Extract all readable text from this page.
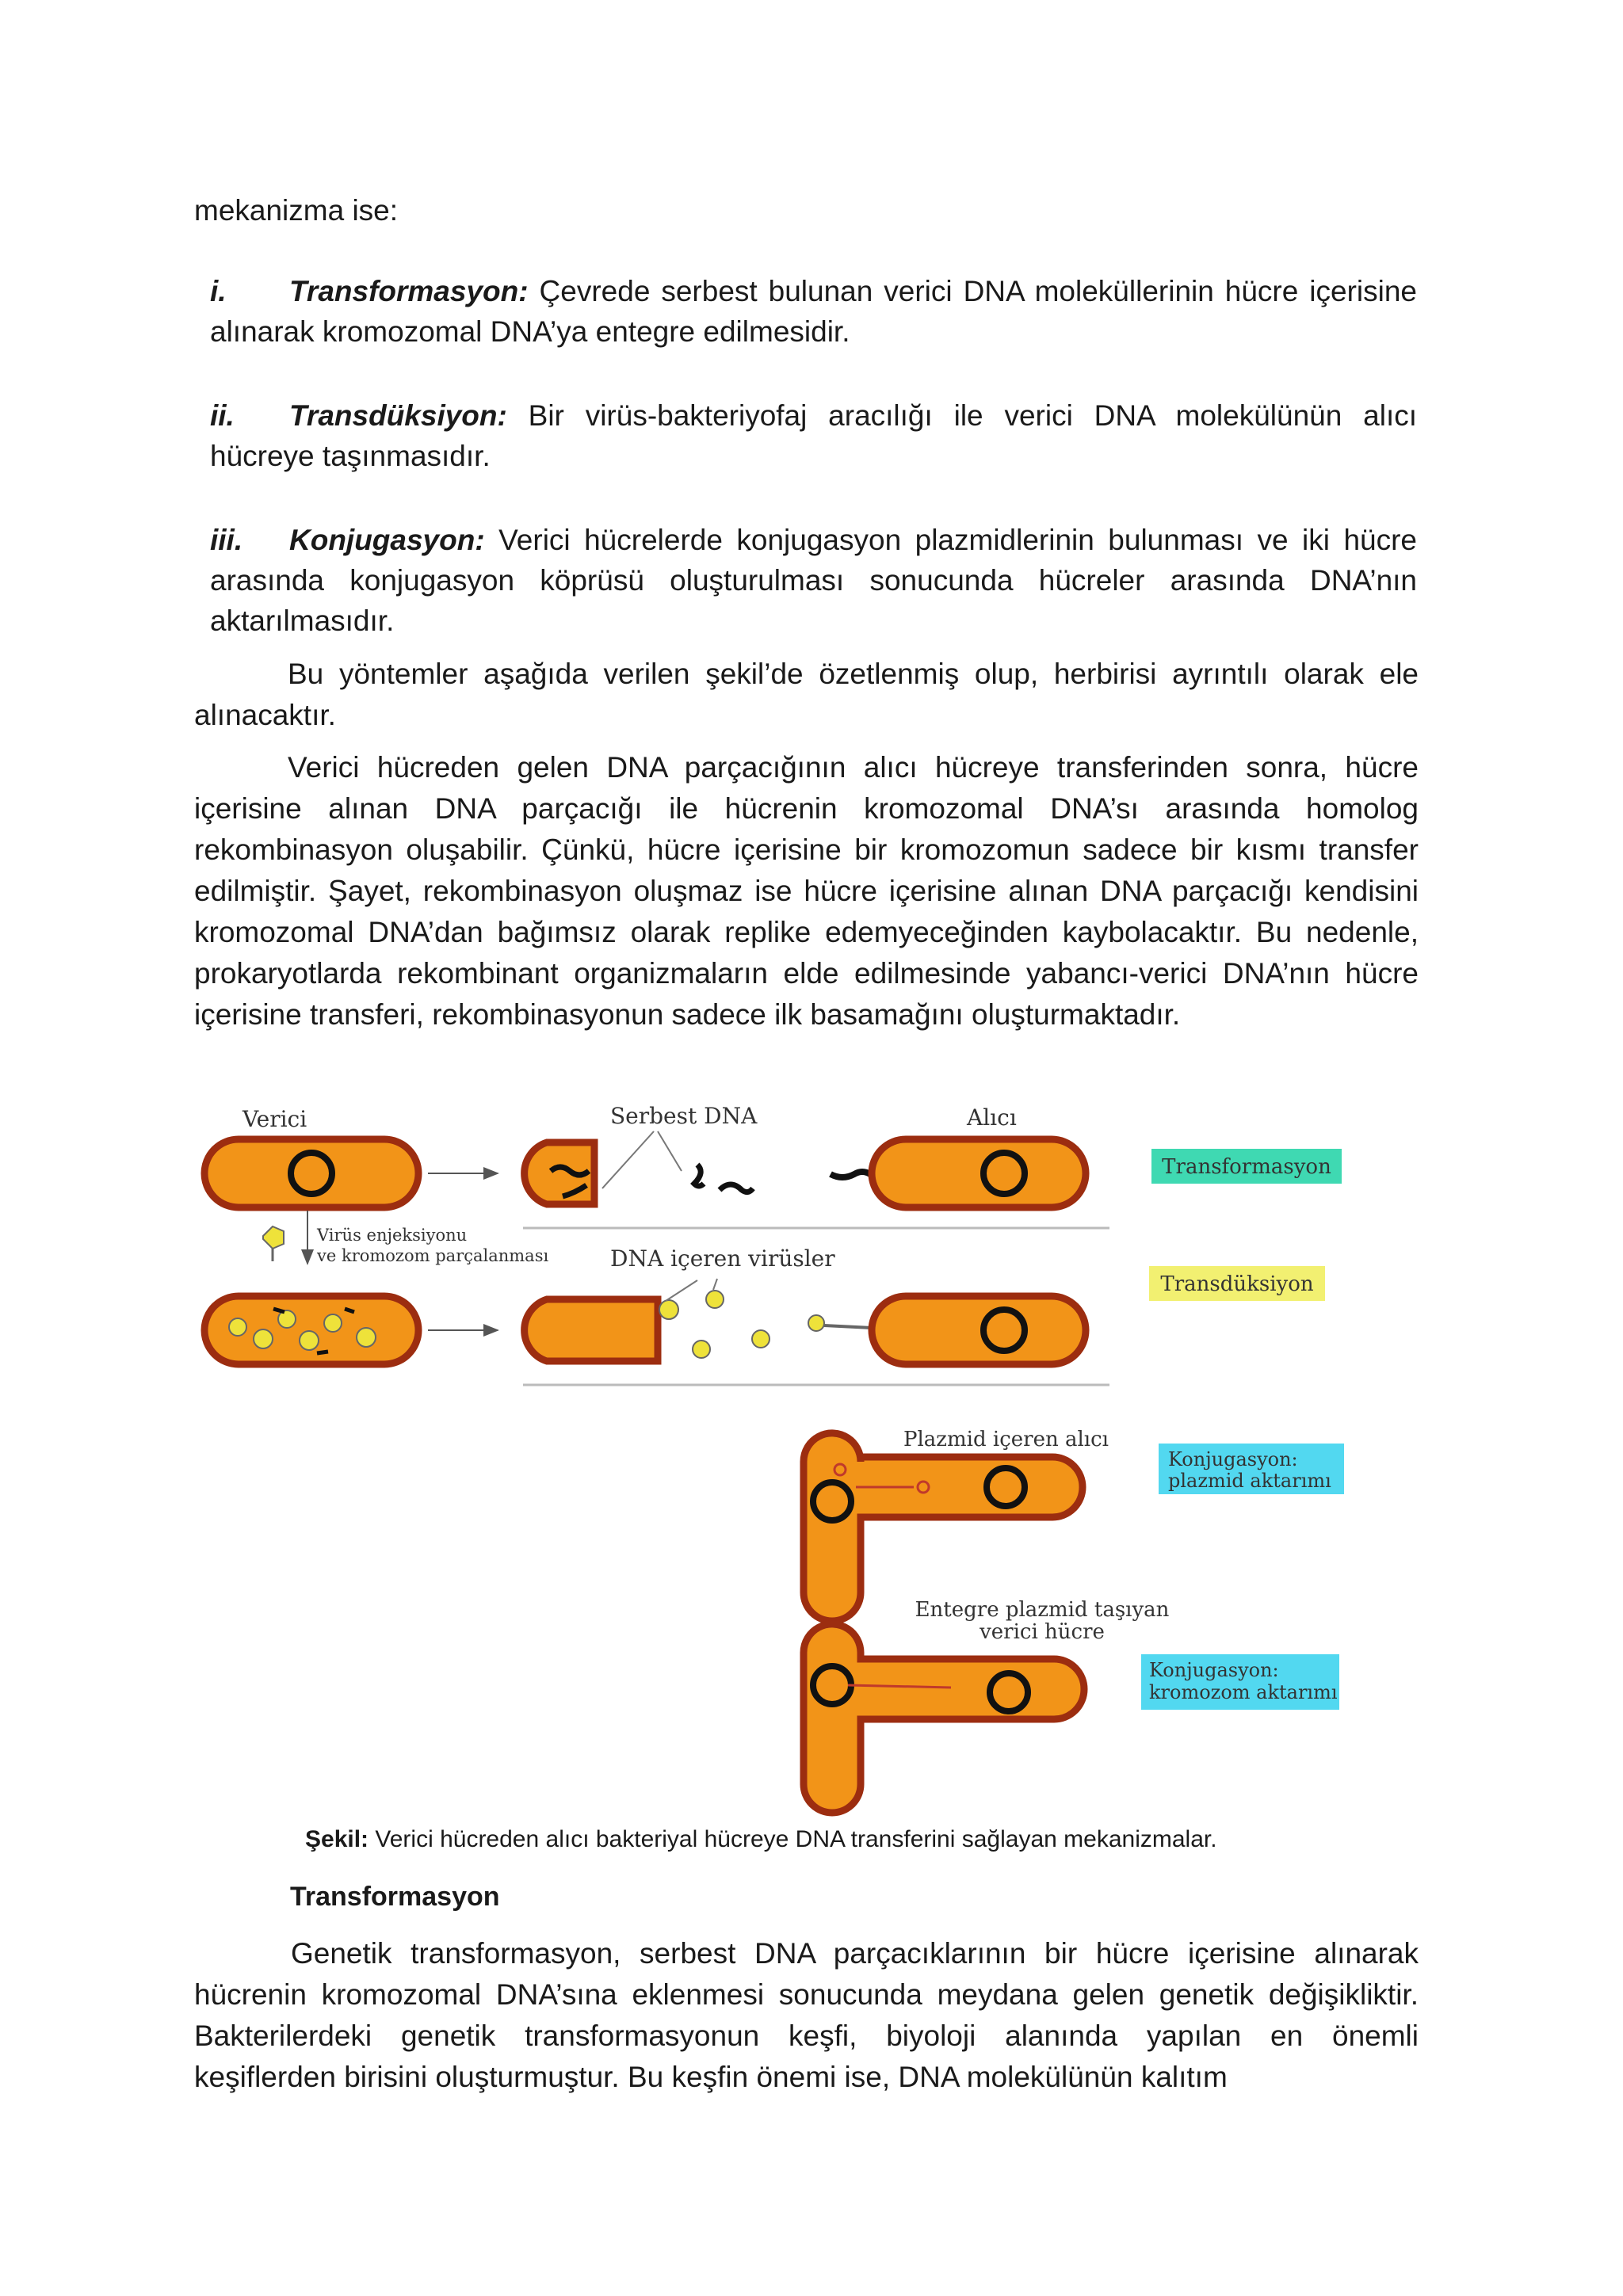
mekanizma ise:
Transformasyon: Çevrede serbest bulunan verici DNA moleküllerinin hücre içerisine
i.
alınarak kromozomal DNA’ya entegre edilmesidir.
Transdüksiyon: Bir virüs-bakteriyofaj aracılığı ile verici DNA molekülünün alıcı
ii.
hücreye taşınmasıdır.
Konjugasyon: Verici hücrelerde konjugasyon plazmidlerinin bulunması ve iki hücre
iii.
arasında konjugasyon köprüsü oluşturulması sonucunda hücreler arasında DNA’nın
aktarılmasıdır.
Bu yöntemler aşağıda verilen şekil’de özetlenmiş olup, herbirisi ayrıntılı olarak ele
alınacaktır.
Verici hücreden gelen DNA parçacığının alıcı hücreye transferinden sonra, hücre
içerisine alınan DNA parçacığı ile hücrenin kromozomal DNA’sı arasında homolog
rekombinasyon oluşabilir. Çünkü, hücre içerisine bir kromozomun sadece bir kısmı transfer
edilmiştir. Şayet, rekombinasyon oluşmaz ise hücre içerisine alınan DNA parçacığı kendisini
kromozomal DNA’dan bağımsız olarak replike edemyeceğinden kaybolacaktır. Bu nedenle,
prokaryotlarda rekombinant organizmaların elde edilmesinde yabancı-verici DNA’nın hücre
içerisine transferi, rekombinasyonun sadece ilk basamağını oluşturmaktadır.
Verici	Serbest DNA	Alıcı
Transformasyon
Virüs enjeksiyonu
ve kromozom parçalanması	DNA içeren virüsler
Transdüksiyon
Plazmid içeren alıcı
Konjugasyon:
plazmid aktarımı
Entegre plazmid taşıyan
verici hücre
Konjugasyon:
kromozom aktarımı
Şekil: Verici hücreden alıcı bakteriyal hücreye DNA transferini sağlayan mekanizmalar.
Transformasyon
Genetik transformasyon, serbest DNA parçacıklarının bir hücre içerisine alınarak
hücrenin kromozomal DNA’sına eklenmesi sonucunda meydana gelen genetik değişikliktir.
Bakterilerdeki genetik transformasyonun keşfi, biyoloji alanında yapılan en önemli
keşiflerden birisini oluşturmuştur. Bu keşfin önemi ise, DNA molekülünün kalıtım
